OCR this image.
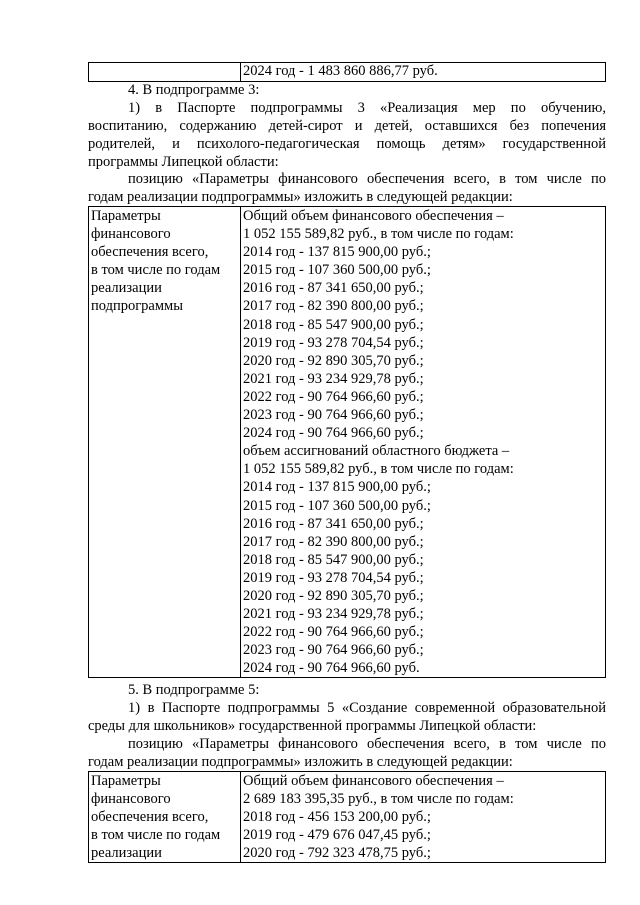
2024 год - 1 483 860 886,77 руб.
4. В подпрограмме 3:
1) в Паспорте подпрограммы 3 «Реализация мер по обучению,
воспитанию, содержанию детей-сирот и детей, оставшихся без попечения
родителей, и психолого-педагогическая помощь детям» государственной
программы Липецкой области:
позицию «Параметры финансового обеспечения всего, в том числе по
годам реализации подпрограммы» изложить в следующей редакции:
Параметры
финансового
обеспечения всего,
в том числе по годам
реализации
подпрограммы

Общий объем финансового обеспечения –
1 052 155 589,82 руб., в том числе по годам:
2014 год - 137 815 900,00 руб.;
2015 год - 107 360 500,00 руб.;
2016 год - 87 341 650,00 руб.;
2017 год - 82 390 800,00 руб.;
2018 год - 85 547 900,00 руб.;
2019 год - 93 278 704,54 руб.;
2020 год - 92 890 305,70 руб.;
2021 год - 93 234 929,78 руб.;
2022 год - 90 764 966,60 руб.;
2023 год - 90 764 966,60 руб.;
2024 год - 90 764 966,60 руб.;
объем ассигнований областного бюджета –
1 052 155 589,82 руб., в том числе по годам:
2014 год - 137 815 900,00 руб.;
2015 год - 107 360 500,00 руб.;
2016 год - 87 341 650,00 руб.;
2017 год - 82 390 800,00 руб.;
2018 год - 85 547 900,00 руб.;
2019 год - 93 278 704,54 руб.;
2020 год - 92 890 305,70 руб.;
2021 год - 93 234 929,78 руб.;
2022 год - 90 764 966,60 руб.;
2023 год - 90 764 966,60 руб.;
2024 год - 90 764 966,60 руб.
5. В подпрограмме 5:
1) в Паспорте подпрограммы 5 «Создание современной образовательной
среды для школьников» государственной программы Липецкой области:
позицию «Параметры финансового обеспечения всего, в том числе по
годам реализации подпрограммы» изложить в следующей редакции:
Параметры
финансового
обеспечения всего,
в том числе по годам
реализации

Общий объем финансового обеспечения –
2 689 183 395,35 руб., в том числе по годам:
2018 год - 456 153 200,00 руб.;
2019 год - 479 676 047,45 руб.;
2020 год - 792 323 478,75 руб.;
